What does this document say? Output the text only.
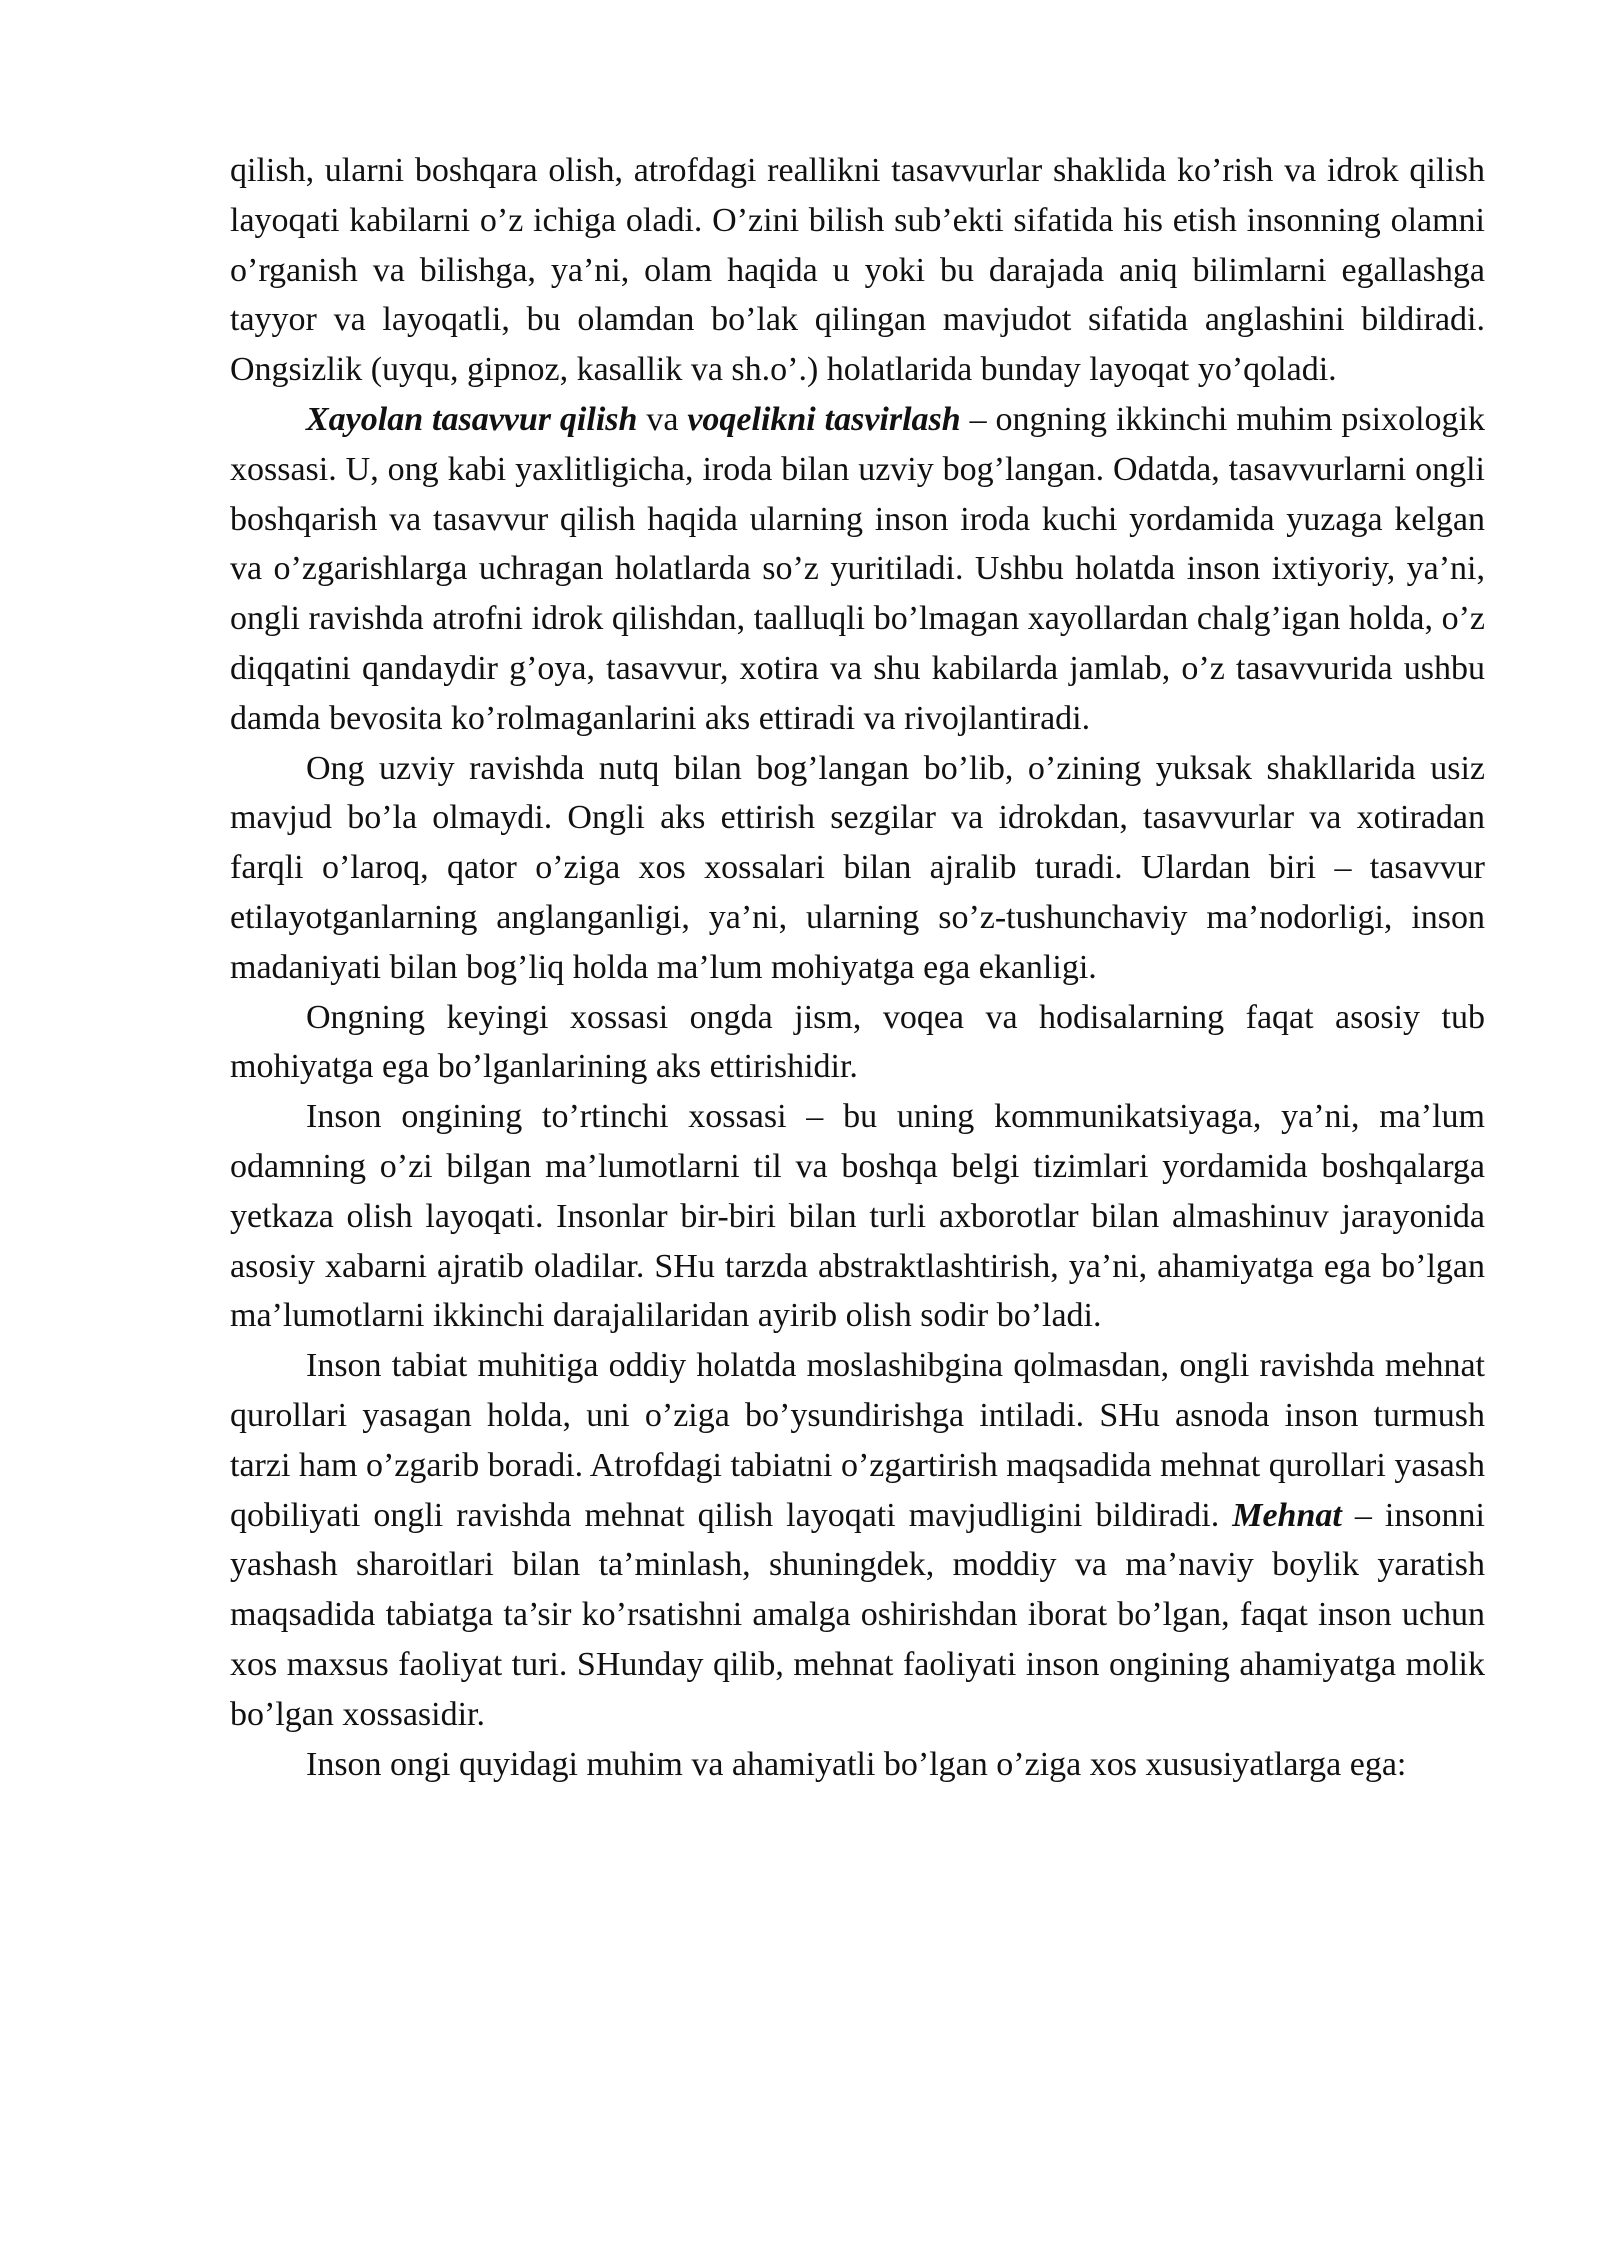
qilish, ularni boshqara olish, atrofdagi reallikni tasavvurlar shaklida ko’rish va idrok qilish layoqati kabilarni o’z ichiga oladi. O’zini bilish sub’ekti sifatida his etish insonning olamni o’rganish va bilishga, ya’ni, olam haqida u yoki bu darajada aniq bilimlarni egallashga tayyor va layoqatli, bu olamdan bo’lak qilingan mavjudot sifatida anglashini bildiradi. Ongsizlik (uyqu, gipnoz, kasallik va sh.o’.) holatlarida bunday layoqat yo’qoladi.

Xayolan tasavvur qilish va voqelikni tasvirlash – ongning ikkinchi muhim psixologik xossasi. U, ong kabi yaxlitligicha, iroda bilan uzviy bog’langan. Odatda, tasavvurlarni ongli boshqarish va tasavvur qilish haqida ularning inson iroda kuchi yordamida yuzaga kelgan va o’zgarishlarga uchragan holatlarda so’z yuritiladi. Ushbu holatda inson ixtiyoriy, ya’ni, ongli ravishda atrofni idrok qilishdan, taalluqli bo’lmagan xayollardan chalg’igan holda, o’z diqqatini qandaydir g’oya, tasavvur, xotira va shu kabilarda jamlab, o’z tasavvurida ushbu damda bevosita ko’rolmaganlarini aks ettiradi va rivojlantiradi.

Ong uzviy ravishda nutq bilan bog’langan bo’lib, o’zining yuksak shakllarida usiz mavjud bo’la olmaydi. Ongli aks ettirish sezgilar va idrokdan, tasavvurlar va xotiradan farqli o’laroq, qator o’ziga xos xossalari bilan ajralib turadi. Ulardan biri – tasavvur etilayotganlarning anglanganligi, ya’ni, ularning so’z-tushunchaviy ma’nodorligi, inson madaniyati bilan bog’liq holda ma’lum mohiyatga ega ekanligi.

Ongning keyingi xossasi ongda jism, voqea va hodisalarning faqat asosiy tub mohiyatga ega bo’lganlarining aks ettirishidir.

Inson ongining to’rtinchi xossasi – bu uning kommunikatsiyaga, ya’ni, ma’lum odamning o’zi bilgan ma’lumotlarni til va boshqa belgi tizimlari yordamida boshqalarga yetkaza olish layoqati. Insonlar bir-biri bilan turli axborotlar bilan almashinuv jarayonida asosiy xabarni ajratib oladilar. SHu tarzda abstraktlashtirish, ya’ni, ahamiyatga ega bo’lgan ma’lumotlarni ikkinchi darajalilaridan ayirib olish sodir bo’ladi.

Inson tabiat muhitiga oddiy holatda moslashibgina qolmasdan, ongli ravishda mehnat qurollari yasagan holda, uni o’ziga bo’ysundirishga intiladi. SHu asnoda inson turmush tarzi ham o’zgarib boradi. Atrofdagi tabiatni o’zgartirish maqsadida mehnat qurollari yasash qobiliyati ongli ravishda mehnat qilish layoqati mavjudligini bildiradi. Mehnat – insonni yashash sharoitlari bilan ta’minlash, shuningdek, moddiy va ma’naviy boylik yaratish maqsadida tabiatga ta’sir ko’rsatishni amalga oshirishdan iborat bo’lgan, faqat inson uchun xos maxsus faoliyat turi. SHunday qilib, mehnat faoliyati inson ongining ahamiyatga molik bo’lgan xossasidir.

Inson ongi quyidagi muhim va ahamiyatli bo’lgan o’ziga xos xususiyatlarga ega:
